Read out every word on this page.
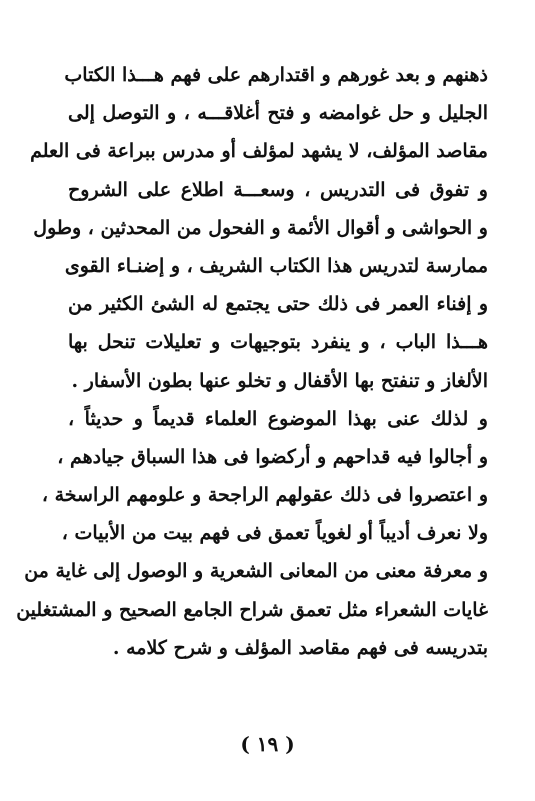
ذهنهم و بعد غورهم و اقتدارهم على فهم هـــذا الكتاب
الجليل و حل غوامضه و فتح أغلاقـــه ، و التوصل إلى
مقاصد المؤلف، لا يشهد لمؤلف أو مدرس ببراعة فى العلم
و تفوق فى التدريس ، وسعـــة اطلاع على الشروح
و الحواشى و أقوال الأئمة و الفحول من المحدثين ، وطول
ممارسة لتدريس هذا الكتاب الشريف ، و إضنـاء القوى
و إفناء العمر فى ذلك حتى يجتمع له الشئ الكثير من
هـــذا الباب ، و ينفرد بتوجيهات و تعليلات تنحل بها
الألغاز و تنفتح بها الأقفال و تخلو عنها بطون الأسفار .
و لذلك عنى بهذا الموضوع العلماء قديماً و حديثاً ،
و أجالوا فيه قداحهم و أركضوا فى هذا السباق جيادهم ،
و اعتصروا فى ذلك عقولهم الراجحة و علومهم الراسخة ،
ولا نعرف أديباً أو لغوياً تعمق فى فهم بيت من الأبيات ،
و معرفة معنى من المعانى الشعرية و الوصول إلى غاية من
غايات الشعراء مثل تعمق شراح الجامع الصحيح و المشتغلين
بتدريسه فى فهم مقاصد المؤلف و شرح كلامه .
( ١٩ )
